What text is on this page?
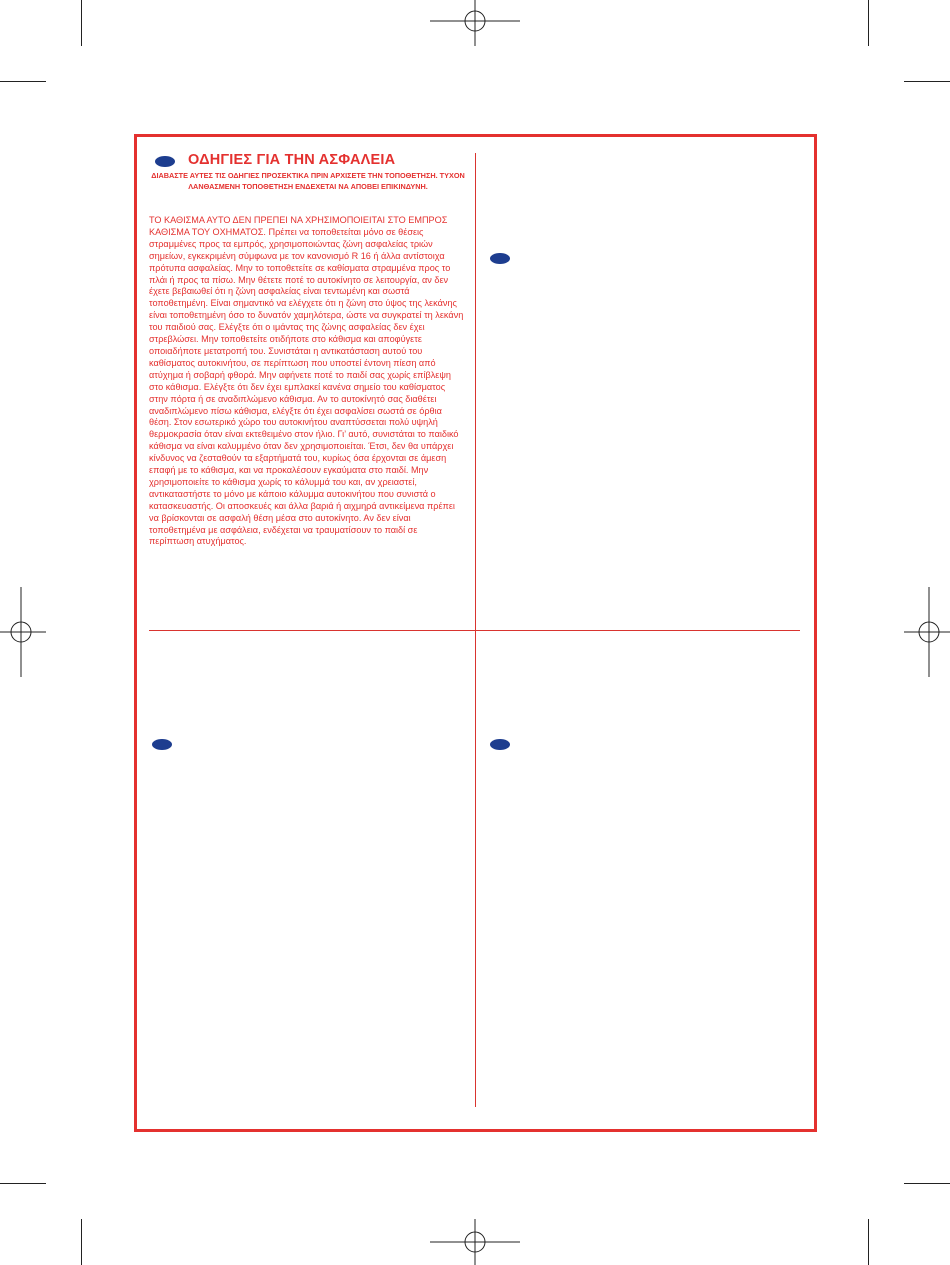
ΟΔΗΓΙΕΣ ΓΙΑ ΤΗΝ ΑΣΦΑΛΕΙΑ
ΔΙΑΒΑΣΤΕ ΑΥΤΕΣ ΤΙΣ ΟΔΗΓΙΕΣ ΠΡΟΣΕΚΤΙΚΑ ΠΡΙΝ ΑΡΧΙΣΕΤΕ ΤΗΝ ΤΟΠΟΘΕΤΗΣΗ. ΤΥΧΟΝ ΛΑΝΘΑΣΜΕΝΗ ΤΟΠΟΘΕΤΗΣΗ ΕΝΔΕΧΕΤΑΙ ΝΑ ΑΠΟΒΕΙ ΕΠΙΚΙΝΔΥΝΗ.
ΤΟ ΚΑΘΙΣΜΑ ΑΥΤΟ ΔΕΝ ΠΡΕΠΕΙ ΝΑ ΧΡΗΣΙΜΟΠΟΙΕΙΤΑΙ ΣΤΟ ΕΜΠΡΟΣ ΚΑΘΙΣΜΑ ΤΟΥ ΟΧΗΜΑΤΟΣ. Πρέπει να τοποθετείται μόνο σε θέσεις στραμμένες προς τα εμπρός, χρησιμοποιώντας ζώνη ασφαλείας τριών σημείων, εγκεκριμένη σύμφωνα με τον κανονισμό R 16 ή άλλα αντίστοιχα πρότυπα ασφαλείας. Μην το τοποθετείτε σε καθίσματα στραμμένα προς το πλάι ή προς τα πίσω. Μην θέτετε ποτέ το αυτοκίνητο σε λειτουργία, αν δεν έχετε βεβαιωθεί ότι η ζώνη ασφαλείας είναι τεντωμένη και σωστά τοποθετημένη. Είναι σημαντικό να ελέγχετε ότι η ζώνη στο ύψος της λεκάνης είναι τοποθετημένη όσο το δυνατόν χαμηλότερα, ώστε να συγκρατεί τη λεκάνη του παιδιού σας. Ελέγξτε ότι ο ιμάντας της ζώνης ασφαλείας δεν έχει στρεβλώσει. Μην τοποθετείτε οτιδήποτε στο κάθισμα και αποφύγετε οποιαδήποτε μετατροπή του. Συνιστάται η αντικατάσταση αυτού του καθίσματος αυτοκινήτου, σε περίπτωση που υποστεί έντονη πίεση από ατύχημα ή σοβαρή φθορά. Μην αφήνετε ποτέ το παιδί σας χωρίς επίβλεψη στο κάθισμα. Ελέγξτε ότι δεν έχει εμπλακεί κανένα σημείο του καθίσματος στην πόρτα ή σε αναδιπλώμενο κάθισμα. Αν το αυτοκίνητό σας διαθέτει αναδιπλώμενο πίσω κάθισμα, ελέγξτε ότι έχει ασφαλίσει σωστά σε όρθια θέση. Στον εσωτερικό χώρο του αυτοκινήτου αναπτύσσεται πολύ υψηλή θερμοκρασία όταν είναι εκτεθειμένο στον ήλιο. Γι’ αυτό, συνιστάται το παιδικό κάθισμα να είναι καλυμμένο όταν δεν χρησιμοποιείται. Έτσι, δεν θα υπάρχει κίνδυνος να ζεσταθούν τα εξαρτήματά του, κυρίως όσα έρχονται σε άμεση επαφή με το κάθισμα, και να προκαλέσουν εγκαύματα στο παιδί. Μην χρησιμοποιείτε το κάθισμα χωρίς το κάλυμμά του και, αν χρειαστεί, αντικαταστήστε το μόνο με κάποιο κάλυμμα αυτοκινήτου που συνιστά ο κατασκευαστής. Οι αποσκευές και άλλα βαριά ή αιχμηρά αντικείμενα πρέπει να βρίσκονται σε ασφαλή θέση μέσα στο αυτοκίνητο. Αν δεν είναι τοποθετημένα με ασφάλεια, ενδέχεται να τραυματίσουν το παιδί σε περίπτωση ατυχήματος.
